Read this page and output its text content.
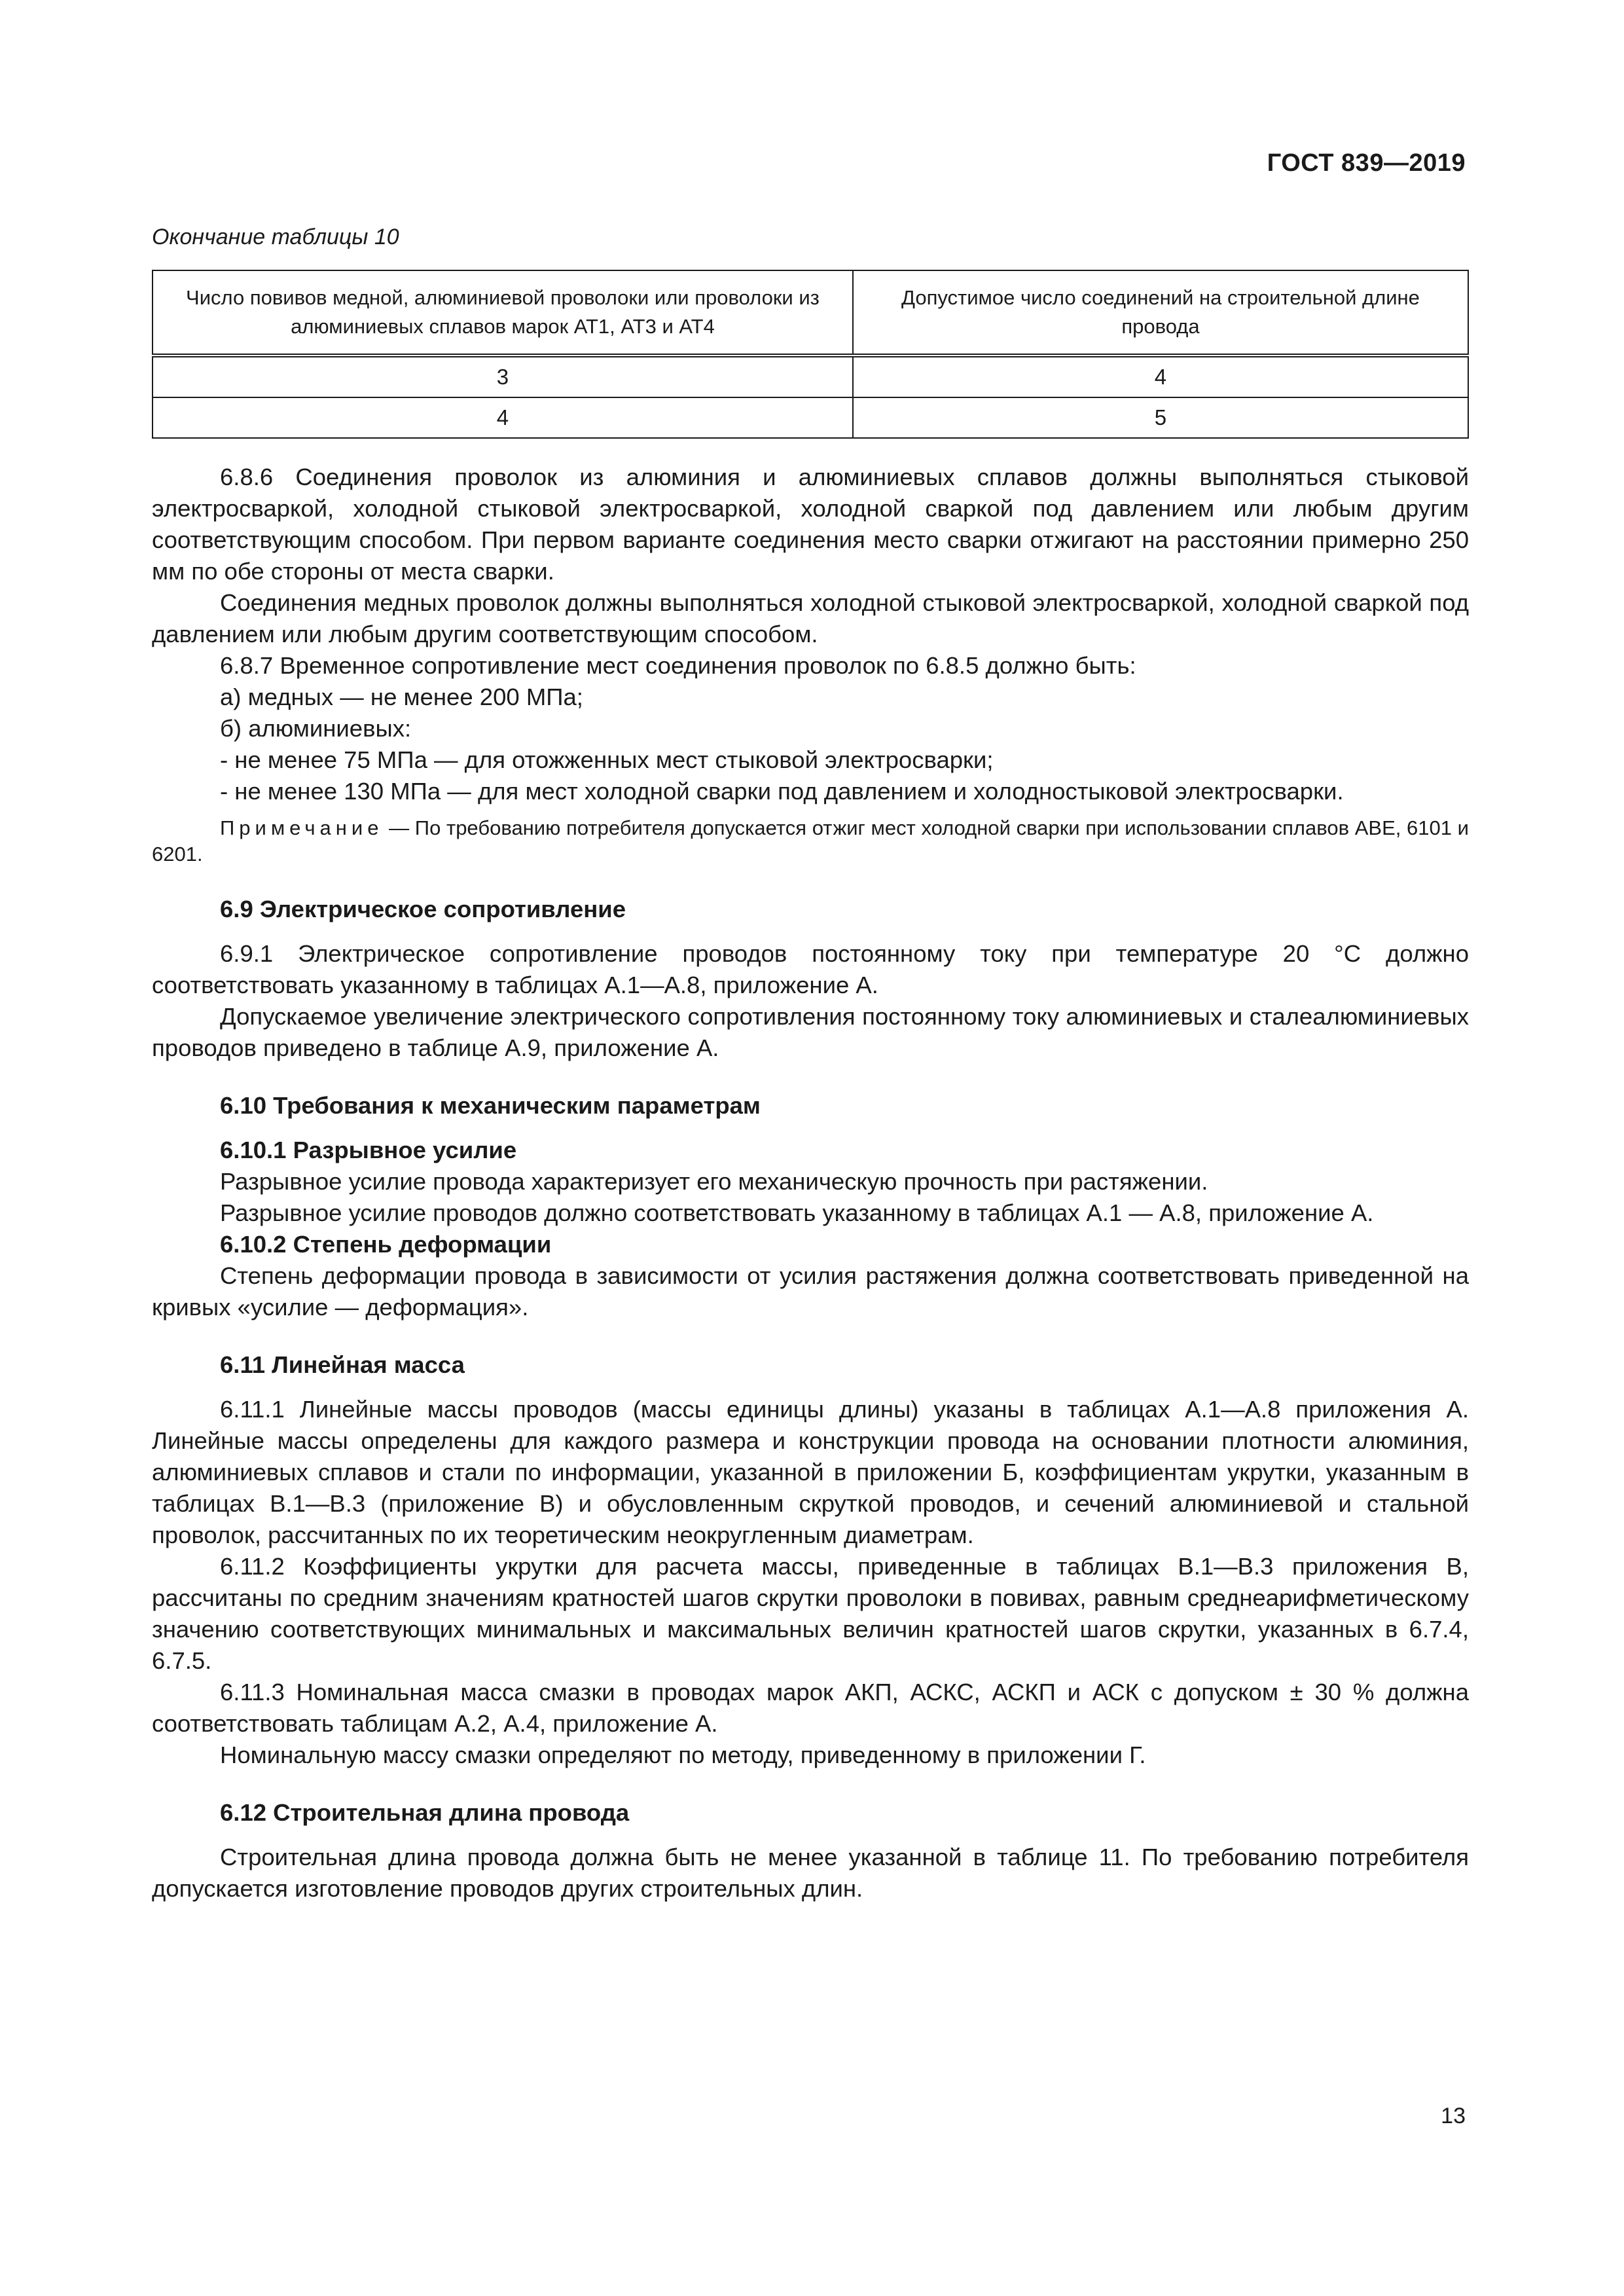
ГОСТ 839—2019
Окончание таблицы 10
Число повивов медной, алюминиевой проволоки или проволоки из алюминиевых сплавов марок АТ1, АТ3 и АТ4	Допустимое число соединений на строительной длине провода
3	4
4	5

6.8.6 Соединения проволок из алюминия и алюминиевых сплавов должны выполняться стыковой электросваркой, холодной стыковой электросваркой, холодной сваркой под давлением или любым другим соответствующим способом. При первом варианте соединения место сварки отжигают на расстоянии примерно 250 мм по обе стороны от места сварки.

Соединения медных проволок должны выполняться холодной стыковой электросваркой, холодной сваркой под давлением или любым другим соответствующим способом.

6.8.7 Временное сопротивление мест соединения проволок по 6.8.5 должно быть:

а) медных — не менее 200 МПа;

б) алюминиевых:

- не менее 75 МПа — для отожженных мест стыковой электросварки;

- не менее 130 МПа — для мест холодной сварки под давлением и холодностыковой электросварки.

Примечание — По требованию потребителя допускается отжиг мест холодной сварки при использовании сплавов АВЕ, 6101 и 6201.

6.9 Электрическое сопротивление

6.9.1 Электрическое сопротивление проводов постоянному току при температуре 20 °С должно соответствовать указанному в таблицах А.1—А.8, приложение А.

Допускаемое увеличение электрического сопротивления постоянному току алюминиевых и сталеалюминиевых проводов приведено в таблице А.9, приложение А.

6.10 Требования к механическим параметрам
6.10.1 Разрывное усилие

Разрывное усилие провода характеризует его механическую прочность при растяжении.

Разрывное усилие проводов должно соответствовать указанному в таблицах А.1 — А.8, приложение А.

6.10.2 Степень деформации

Степень деформации провода в зависимости от усилия растяжения должна соответствовать приведенной на кривых «усилие — деформация».

6.11 Линейная масса

6.11.1 Линейные массы проводов (массы единицы длины) указаны в таблицах А.1—А.8 приложения А. Линейные массы определены для каждого размера и конструкции провода на основании плотности алюминия, алюминиевых сплавов и стали по информации, указанной в приложении Б, коэффициентам укрутки, указанным в таблицах В.1—В.3 (приложение В) и обусловленным скруткой проводов, и сечений алюминиевой и стальной проволок, рассчитанных по их теоретическим неокругленным диаметрам.

6.11.2 Коэффициенты укрутки для расчета массы, приведенные в таблицах В.1—В.3 приложения В, рассчитаны по средним значениям кратностей шагов скрутки проволоки в повивах, равным среднеарифметическому значению соответствующих минимальных и максимальных величин кратностей шагов скрутки, указанных в 6.7.4, 6.7.5.

6.11.3 Номинальная масса смазки в проводах марок АКП, АСКС, АСКП и АСК с допуском ± 30 % должна соответствовать таблицам А.2, А.4, приложение А.

Номинальную массу смазки определяют по методу, приведенному в приложении Г.

6.12 Строительная длина провода

Строительная длина провода должна быть не менее указанной в таблице 11. По требованию потребителя допускается изготовление проводов других строительных длин.

13
